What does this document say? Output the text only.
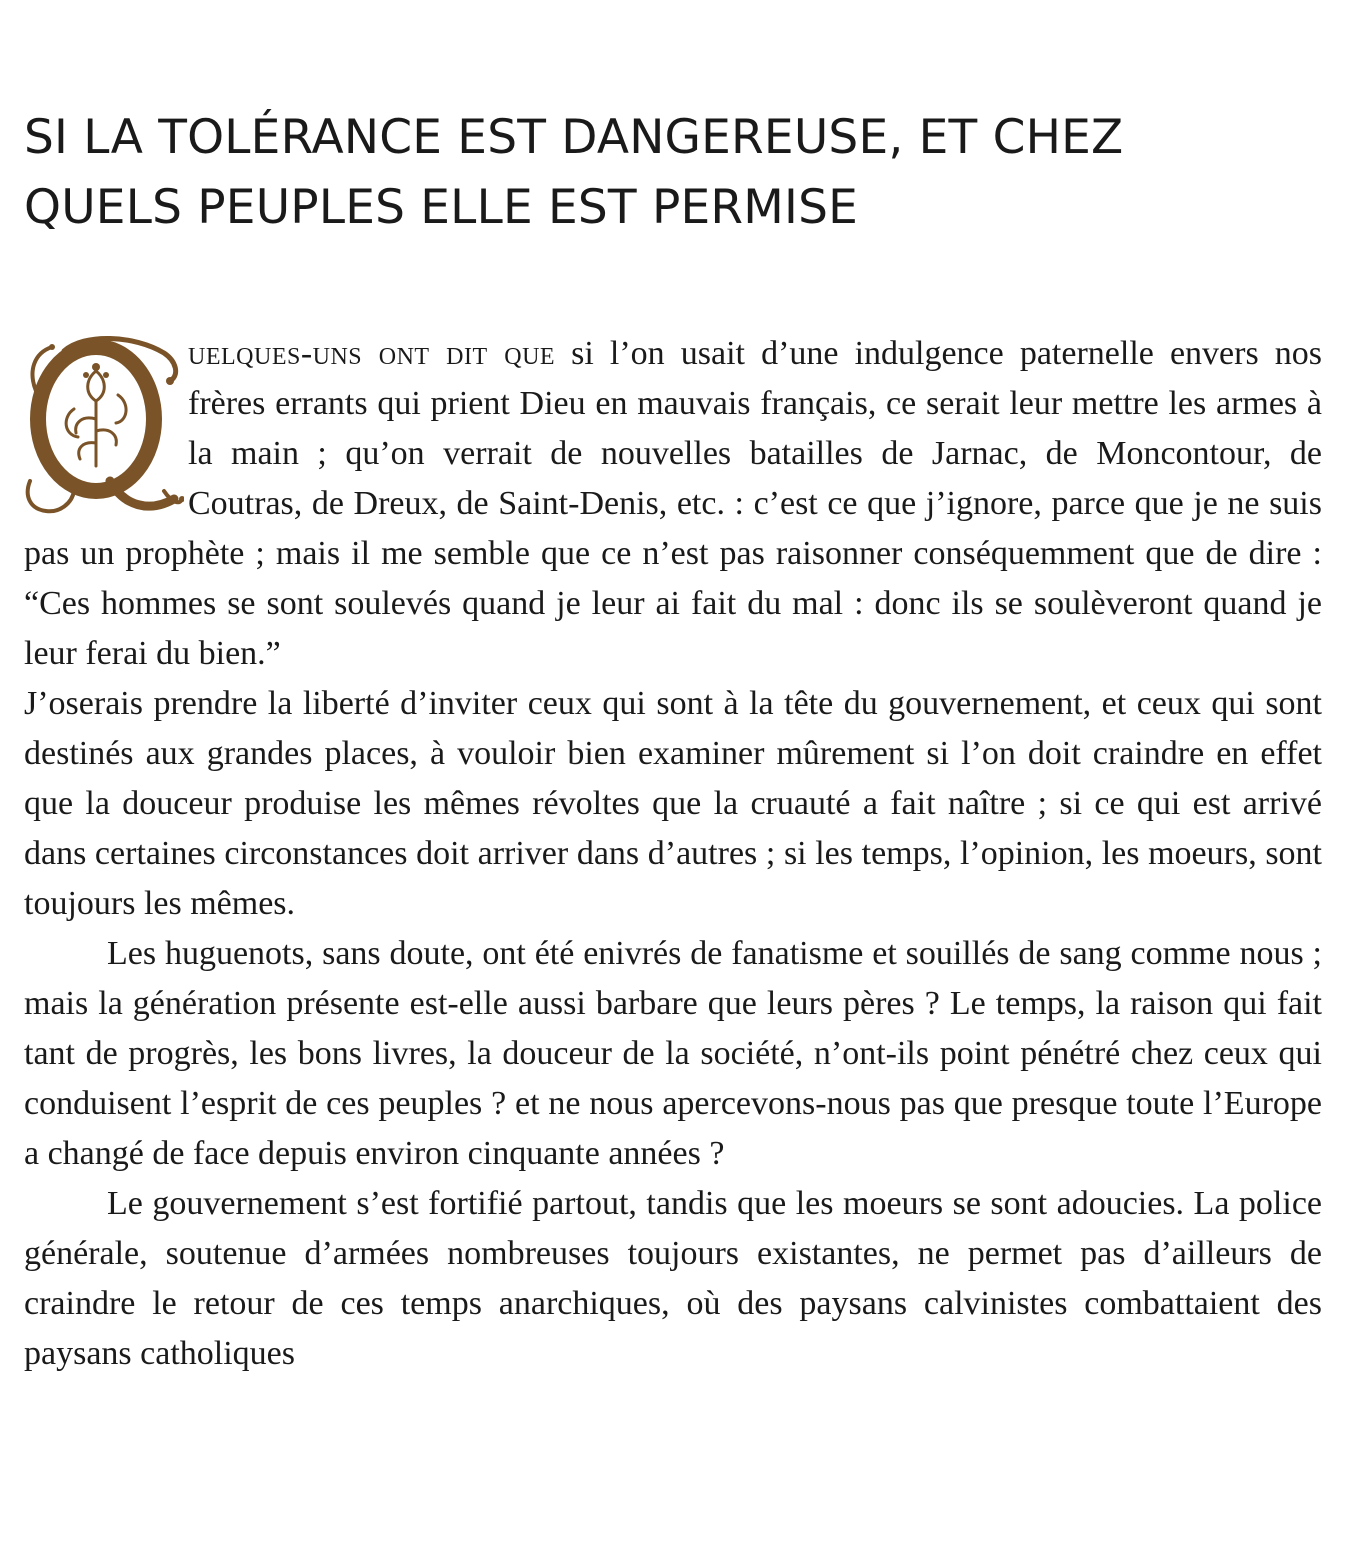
SI LA TOLÉRANCE EST DANGEREUSE, ET CHEZ QUELS PEUPLES ELLE EST PERMISE

uelques-uns ont dit que si l’on usait d’une indulgence paternelle envers nos frères errants qui prient Dieu en mauvais français, ce serait leur mettre les armes à la main ; qu’on verrait de nouvelles batailles de Jarnac, de Moncontour, de Coutras, de Dreux, de Saint-Denis, etc. : c’est ce que j’ignore, parce que je ne suis pas un prophète ; mais il me semble que ce n’est pas raisonner conséquemment que de dire : “Ces hommes se sont soulevés quand je leur ai fait du mal : donc ils se soulèveront quand je leur ferai du bien.”

J’oserais prendre la liberté d’inviter ceux qui sont à la tête du gouvernement, et ceux qui sont destinés aux grandes places, à vouloir bien examiner mûrement si l’on doit craindre en effet que la douceur produise les mêmes révoltes que la cruauté a fait naître ; si ce qui est arrivé dans certaines circonstances doit arriver dans d’autres ; si les temps, l’opinion, les moeurs, sont toujours les mêmes.

Les huguenots, sans doute, ont été enivrés de fanatisme et souillés de sang comme nous ; mais la génération présente est-elle aussi barbare que leurs pères ? Le temps, la raison qui fait tant de progrès, les bons livres, la douceur de la société, n’ont-ils point pénétré chez ceux qui conduisent l’esprit de ces peuples ? et ne nous apercevons-nous pas que presque toute l’Europe a changé de face depuis environ cinquante années ?

Le gouvernement s’est fortifié partout, tandis que les moeurs se sont adoucies. La police générale, soutenue d’armées nombreuses toujours existantes, ne permet pas d’ailleurs de craindre le retour de ces temps anarchiques, où des paysans calvinistes combattaient des paysans catholiques
